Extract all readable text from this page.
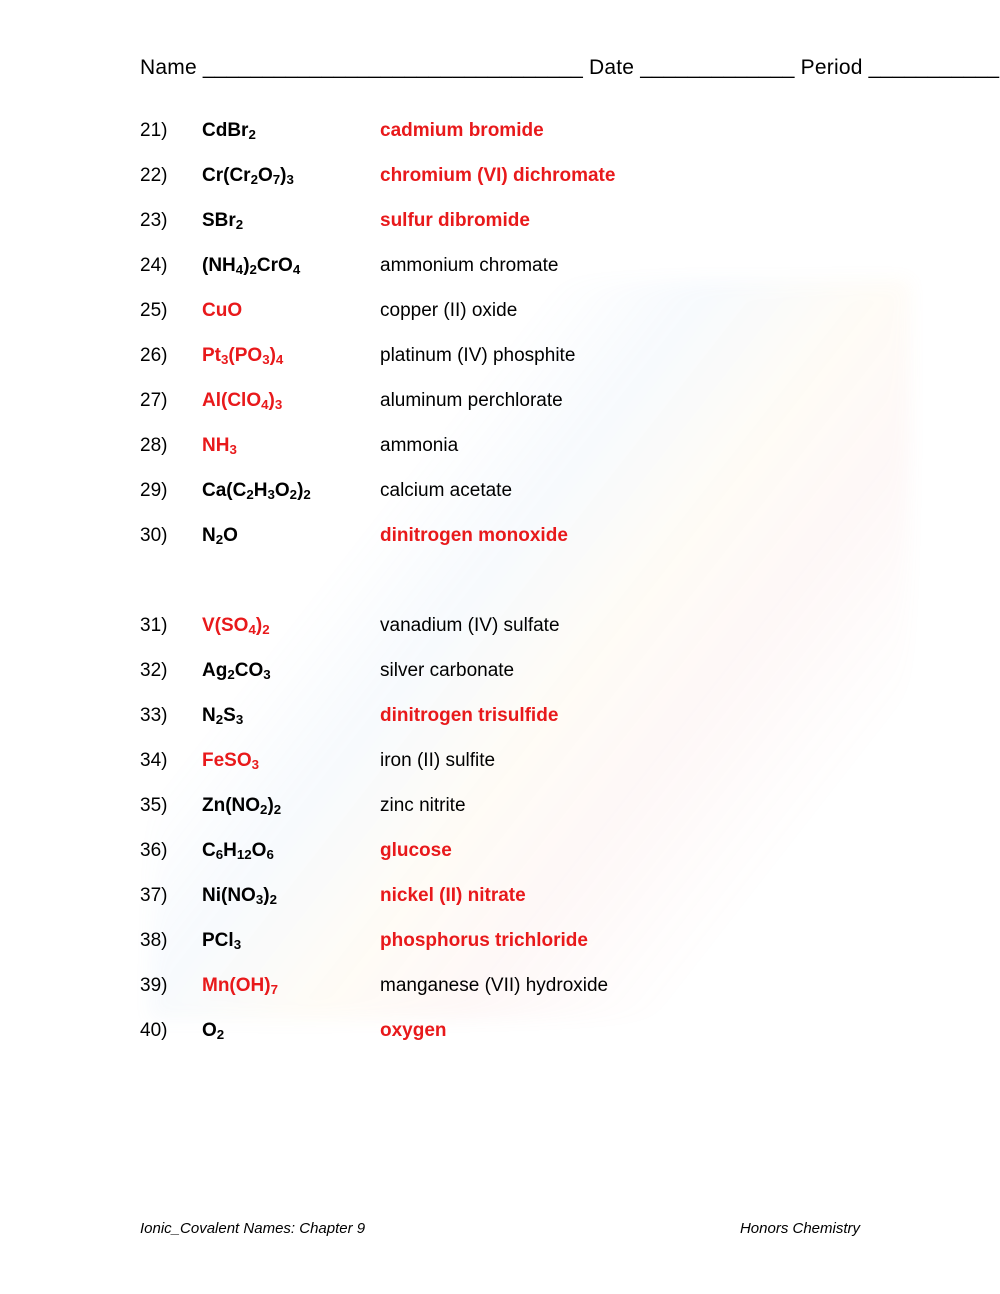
Name ________________________________ Date _____________ Period ___________
21)	CdBr$_2$	cadmium bromide
22)	$Cr(Cr_2O_7)_3$	chromium (VI) dichromate
23)	SBr$_2$	sulfur dibromide
24)	$(NH_4)_2CrO_4$	ammonium chromate
25)	CuO	copper (II) oxide
26)	$Pt_3(PO_3)_4$	platinum (IV) phosphite
27)	$Al(ClO_4)_3$	aluminum perchlorate
28)	$NH_3$	ammonia
29)	$Ca(C_2H_3O_2)_2$	calcium acetate
30)	$N_2O$	dinitrogen monoxide
31)	$V(SO_4)_2$	vanadium (IV) sulfate
32)	$Ag_2CO_3$	silver carbonate
33)	$N_2S_3$	dinitrogen trisulfide
34)	FeSO$_3$	iron (II) sulfite
35)	$Zn(NO_2)_2$	zinc nitrite
36)	$C_6H_{12}O_6$	glucose
37)	$Ni(NO_3)_2$	nickel (II) nitrate
38)	PCl$_3$	phosphorus trichloride
39)	$Mn(OH)_7$	manganese (VII) hydroxide
40)	$O_2$	oxygen
Ionic_Covalent Names: Chapter 9	Honors Chemistry
